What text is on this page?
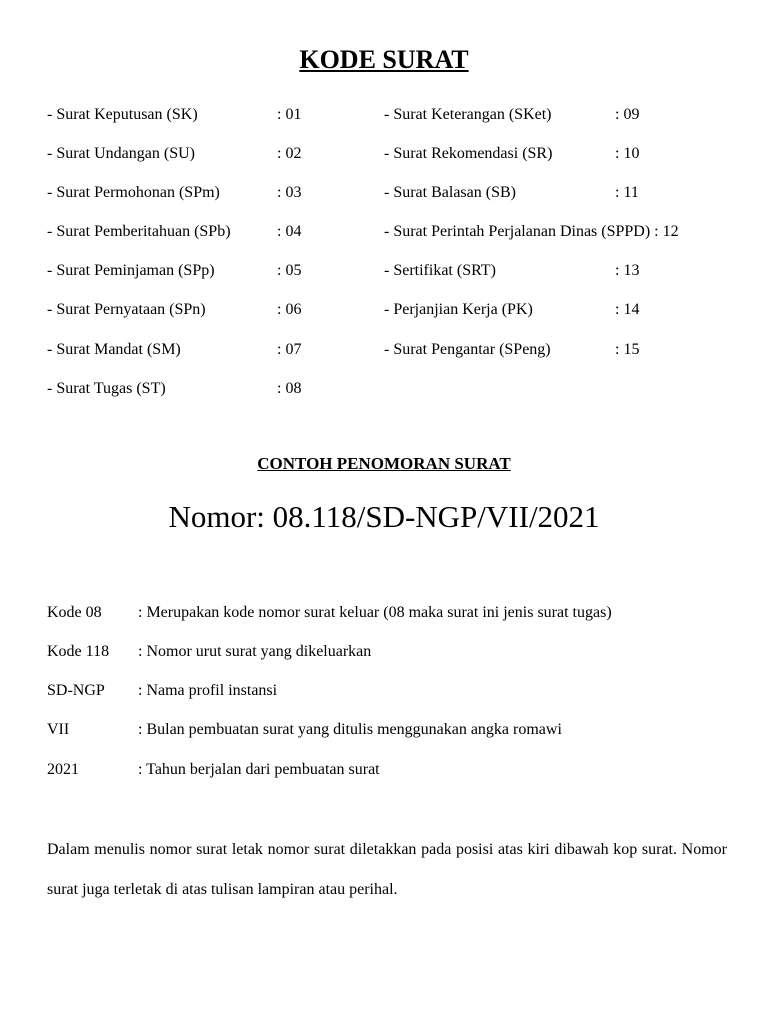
KODE SURAT
- Surat Keputusan (SK)	: 01
- Surat Undangan (SU)	: 02
- Surat Permohonan (SPm)	: 03
- Surat Pemberitahuan (SPb)	: 04
- Surat Peminjaman (SPp)	: 05
- Surat Pernyataan (SPn)	: 06
- Surat Mandat (SM)	: 07
- Surat Tugas (ST)	: 08
- Surat Keterangan (SKet)	: 09
- Surat Rekomendasi (SR)	: 10
- Surat Balasan (SB)	: 11
- Surat Perintah Perjalanan Dinas (SPPD) : 12
- Sertifikat (SRT)	: 13
- Perjanjian Kerja (PK)	: 14
- Surat Pengantar (SPeng)	: 15
CONTOH PENOMORAN SURAT
Nomor: 08.118/SD-NGP/VII/2021
Kode 08 : Merupakan kode nomor surat keluar (08 maka surat ini jenis surat tugas)
Kode 118 : Nomor urut surat yang dikeluarkan
SD-NGP : Nama profil instansi
VII	: Bulan pembuatan surat yang ditulis menggunakan angka romawi
2021	: Tahun berjalan dari pembuatan surat
Dalam menulis nomor surat letak nomor surat diletakkan pada posisi atas kiri dibawah kop surat. Nomor surat juga terletak di atas tulisan lampiran atau perihal.
